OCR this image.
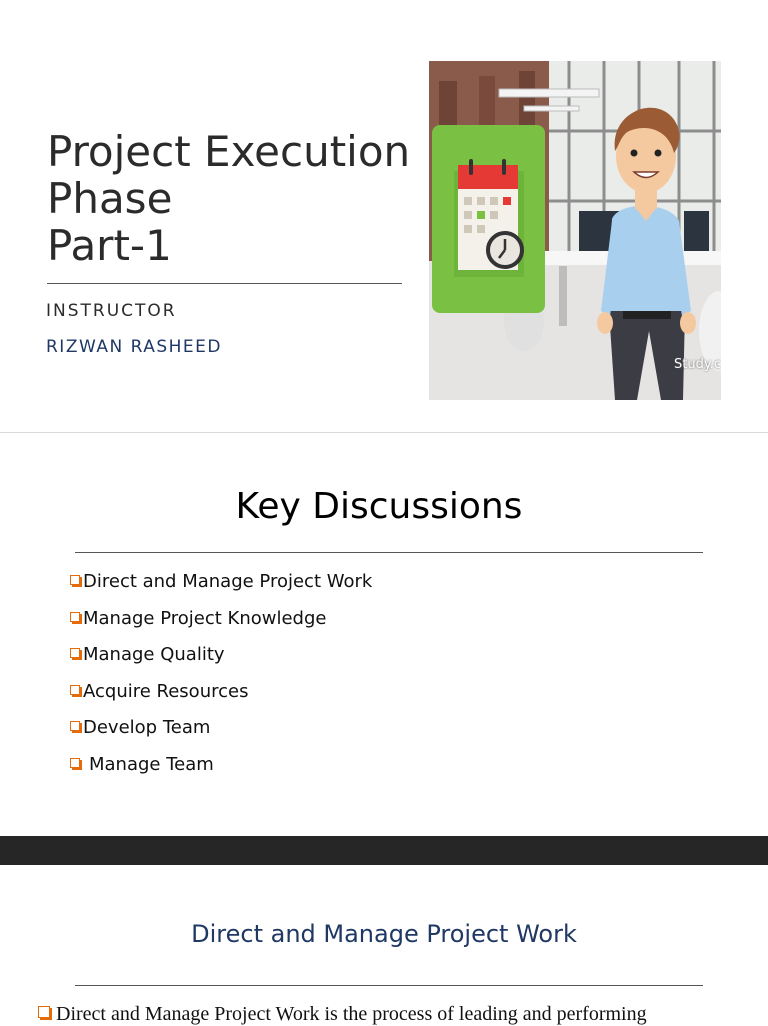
Project Execution
Phase
Part-1
INSTRUCTOR
RIZWAN RASHEED
Study.c
Key Discussions
Direct and Manage Project Work
Manage Project Knowledge
Manage Quality
Acquire Resources
Develop Team
Manage Team
Direct and Manage Project Work
Direct and Manage Project Work is the process of leading and performing
